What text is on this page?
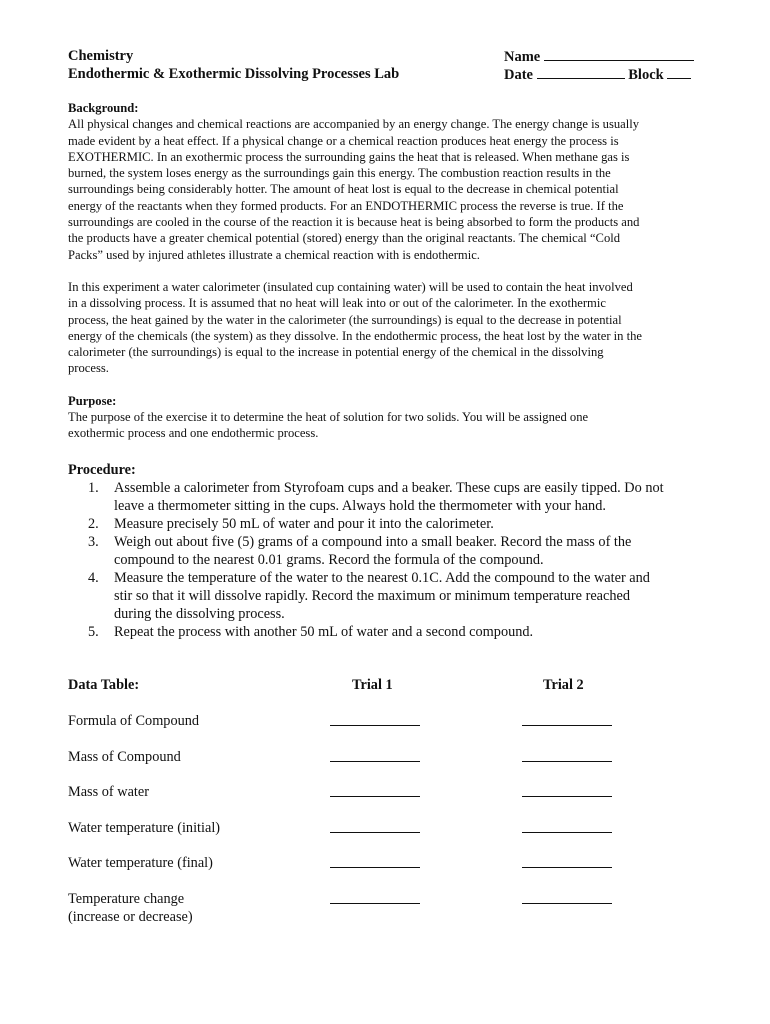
Chemistry
Endothermic & Exothermic Dissolving Processes Lab
Name
Date	Block
Background:
All physical changes and chemical reactions are accompanied by an energy change. The energy change is usually
made evident by a heat effect. If a physical change or a chemical reaction produces heat energy the process is
EXOTHERMIC. In an exothermic process the surrounding gains the heat that is released. When methane gas is
burned, the system loses energy as the surroundings gain this energy. The combustion reaction results in the
surroundings being considerably hotter. The amount of heat lost is equal to the decrease in chemical potential
energy of the reactants when they formed products. For an ENDOTHERMIC process the reverse is true. If the
surroundings are cooled in the course of the reaction it is because heat is being absorbed to form the products and
the products have a greater chemical potential (stored) energy than the original reactants. The chemical “Cold
Packs” used by injured athletes illustrate a chemical reaction with is endothermic.
In this experiment a water calorimeter (insulated cup containing water) will be used to contain the heat involved
in a dissolving process. It is assumed that no heat will leak into or out of the calorimeter. In the exothermic
process, the heat gained by the water in the calorimeter (the surroundings) is equal to the decrease in potential
energy of the chemicals (the system) as they dissolve. In the endothermic process, the heat lost by the water in the
calorimeter (the surroundings) is equal to the increase in potential energy of the chemical in the dissolving
process.
Purpose:
The purpose of the exercise it to determine the heat of solution for two solids. You will be assigned one
exothermic process and one endothermic process.
Procedure:
1. Assemble a calorimeter from Styrofoam cups and a beaker. These cups are easily tipped. Do not
leave a thermometer sitting in the cups. Always hold the thermometer with your hand.
2. Measure precisely 50 mL of water and pour it into the calorimeter.
3. Weigh out about five (5) grams of a compound into a small beaker. Record the mass of the
compound to the nearest 0.01 grams. Record the formula of the compound.
4. Measure the temperature of the water to the nearest 0.1C. Add the compound to the water and
stir so that it will dissolve rapidly. Record the maximum or minimum temperature reached
during the dissolving process.
5. Repeat the process with another 50 mL of water and a second compound.
Data Table:	Trial 1	Trial 2
Formula of Compound
Mass of Compound
Mass of water
Water temperature (initial)
Water temperature (final)
Temperature change
(increase or decrease)
